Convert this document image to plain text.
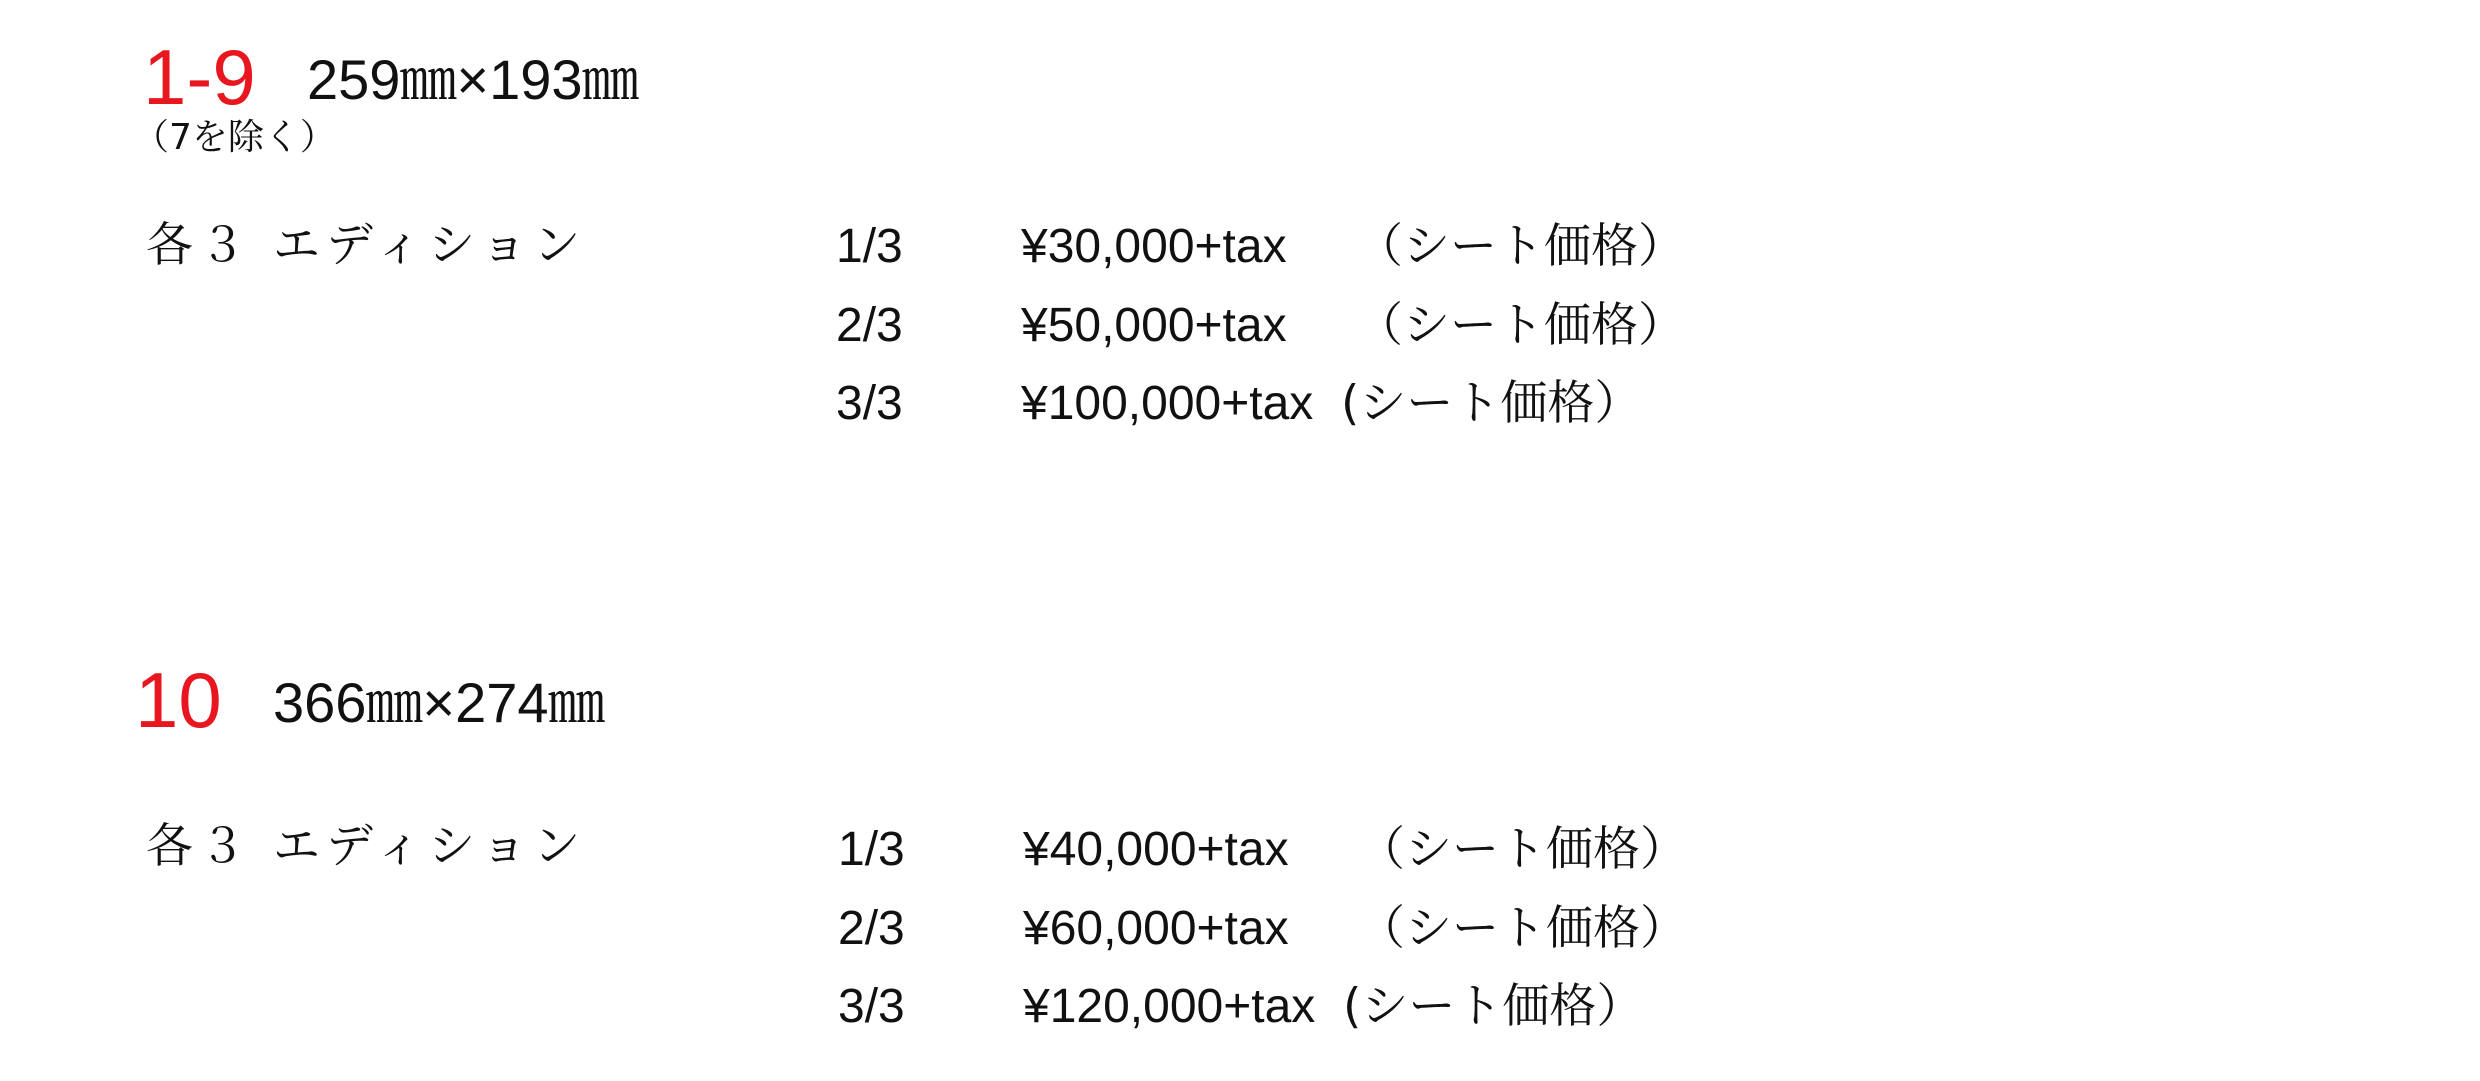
1-9 259㎜×193㎜
（7を除く）
各３ エディション	1/3 ¥30,000+tax （シート価格）
2/3 ¥50,000+tax （シート価格）
3/3 ¥100,000+tax (シート価格）
10 366㎜×274㎜
各３ エディション	1/3 ¥40,000+tax （シート価格）
2/3 ¥60,000+tax （シート価格）
3/3 ¥120,000+tax (シート価格）
